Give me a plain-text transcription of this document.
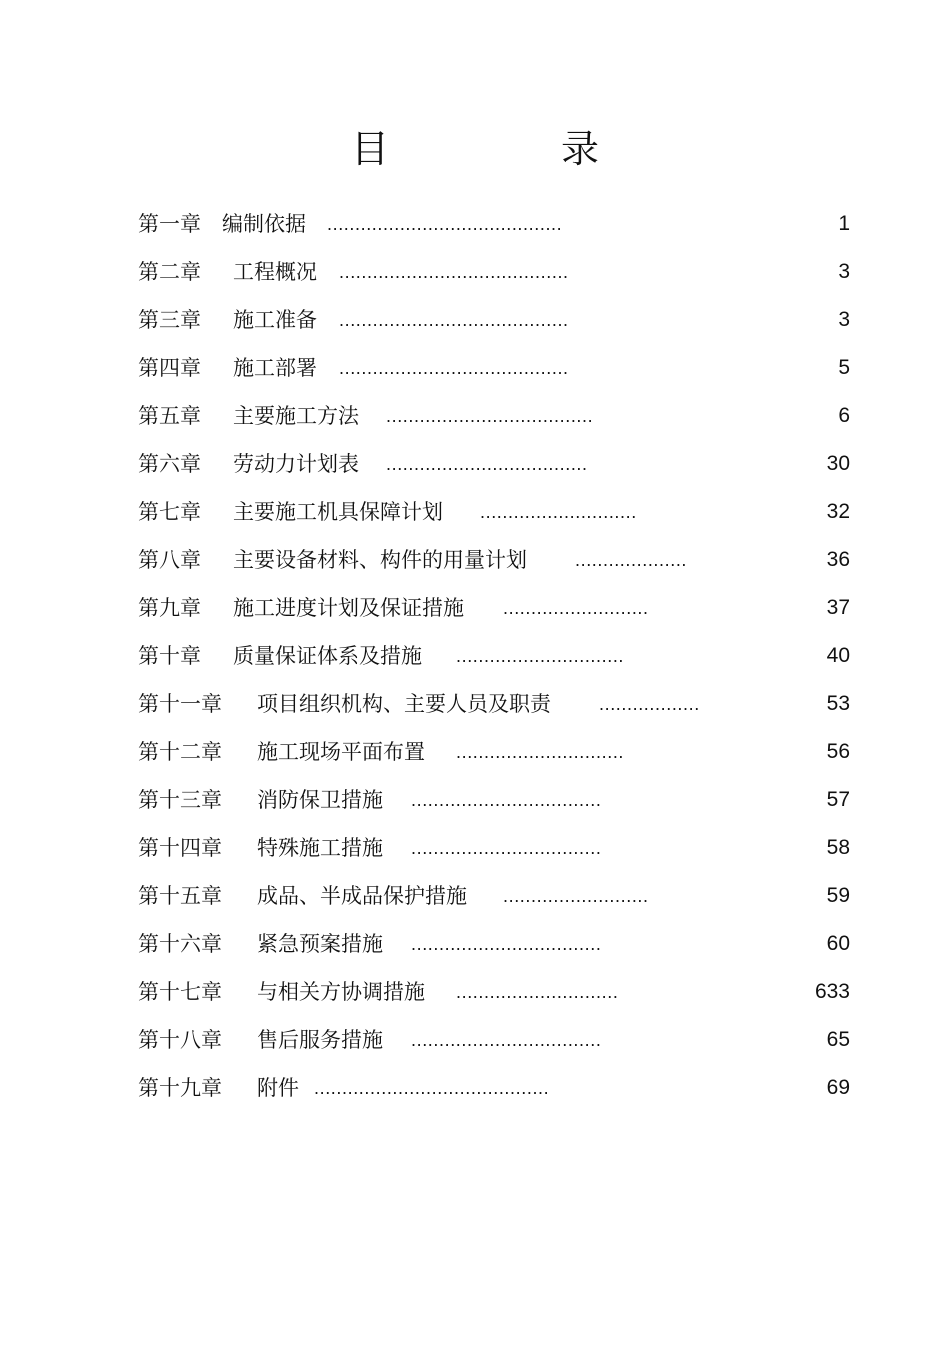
目 录
第一章 编制依据 ..........................................	1
第二章 工程概况 .........................................	3
第三章 施工准备 .........................................	3
第四章 施工部署 .........................................	5
第五章 主要施工方法 .....................................	6
第六章 劳动力计划表 ....................................	30
第七章 主要施工机具保障计划 ............................	32
第八章 主要设备材料、构件的用量计划	....................	36
第九章 施工进度计划及保证措施 ..........................	37
第十章 质量保证体系及措施 ..............................	40
第十一章 项目组织机构、主要人员及职责	..................	53
第十二章 施工现场平面布置 ..............................	56
第十三章 消防保卫措施 ..................................	57
第十四章 特殊施工措施 ..................................	58
第十五章 成品、半成品保护措施 ..........................	59
第十六章 紧急预案措施 ..................................	60
第十七章 与相关方协调措施 .............................	633
第十八章 售后服务措施 ..................................	65
第十九章 附件 ..........................................	69
